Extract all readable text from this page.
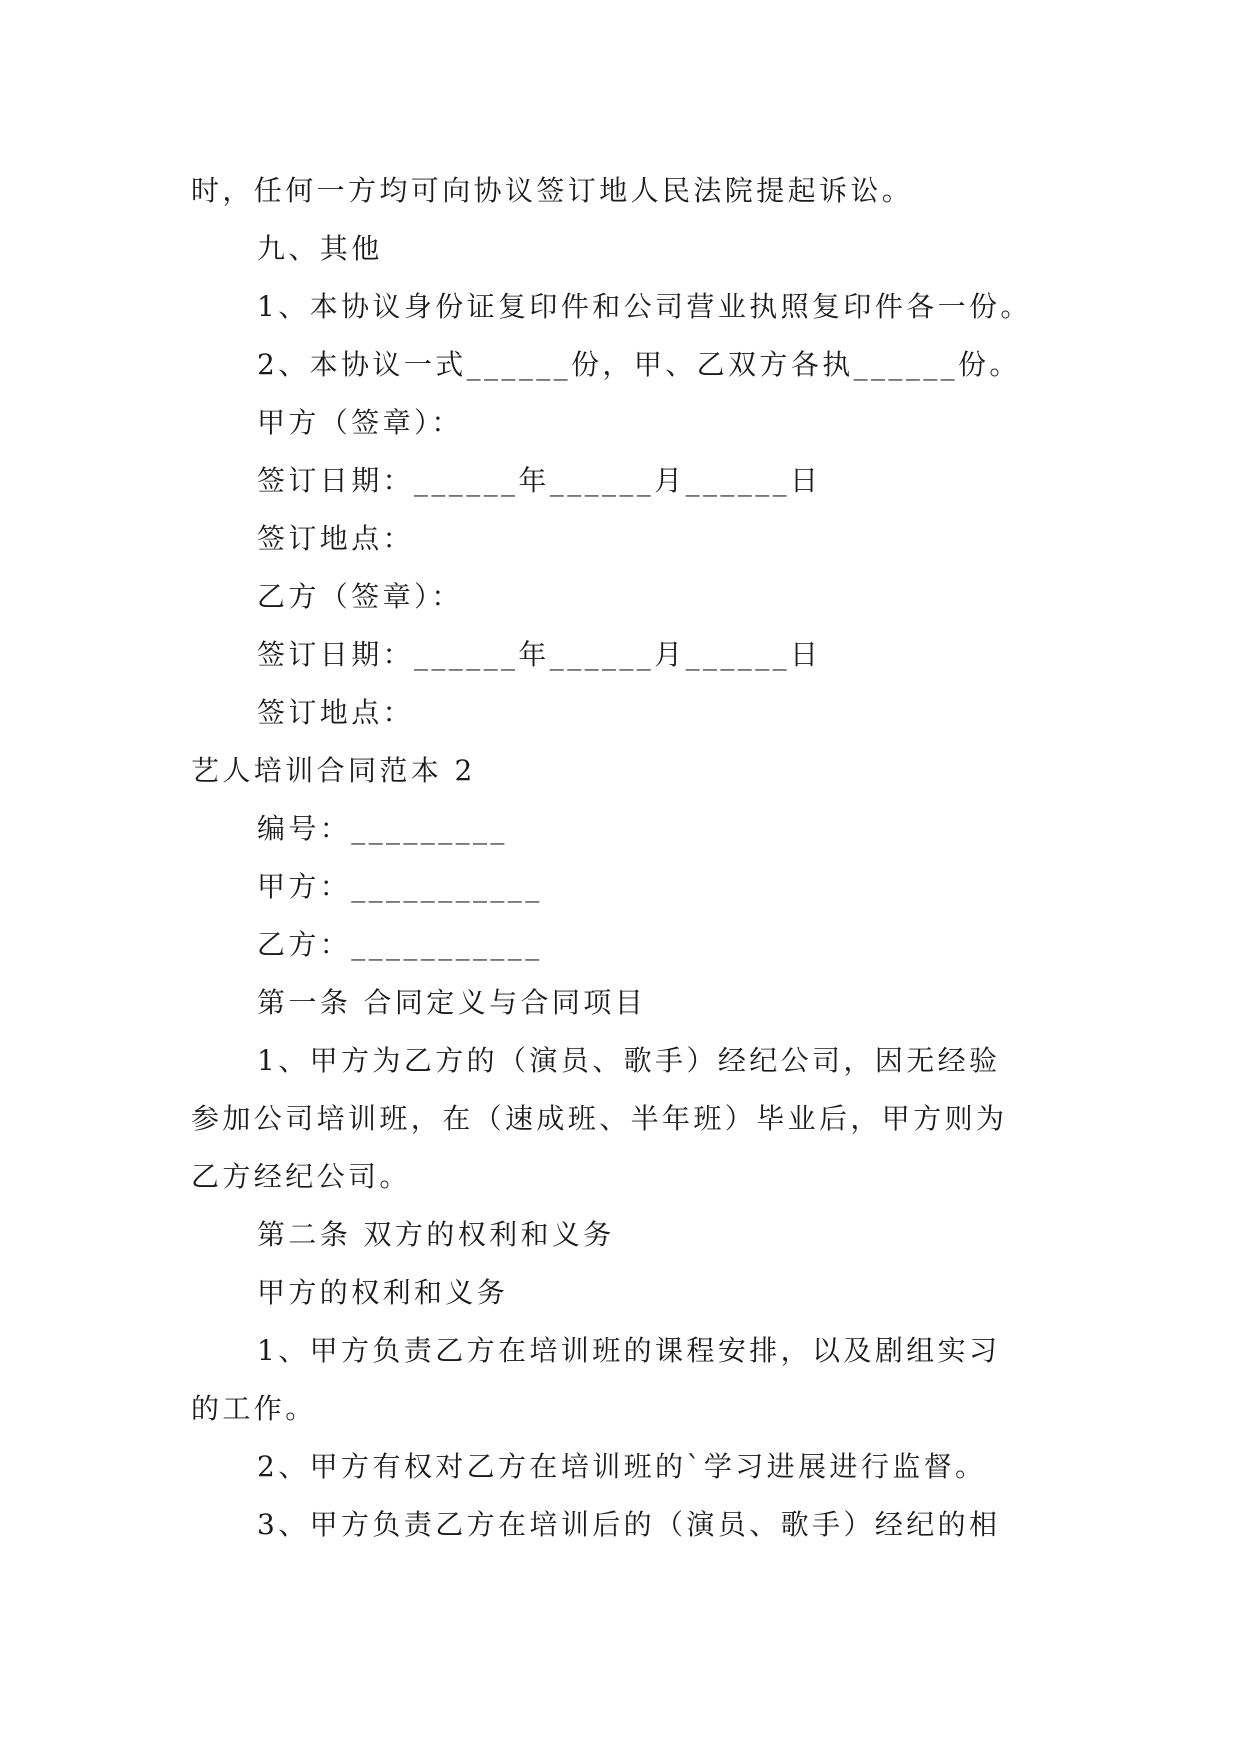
时，任何一方均可向协议签订地人民法院提起诉讼。
九、其他
1、本协议身份证复印件和公司营业执照复印件各一份。
2、本协议一式______份，甲、乙双方各执______份。
甲方（签章）：
签订日期：______年______月______日
签订地点：
乙方（签章）：
签订日期：______年______月______日
签订地点：
艺人培训合同范本 2
编号：_________
甲方：___________
乙方：___________
第一条 合同定义与合同项目
1、甲方为乙方的（演员、歌手）经纪公司，因无经验
参加公司培训班，在（速成班、半年班）毕业后，甲方则为
乙方经纪公司。
第二条 双方的权利和义务
甲方的权利和义务
1、甲方负责乙方在培训班的课程安排，以及剧组实习
的工作。
2、甲方有权对乙方在培训班的`学习进展进行监督。
3、甲方负责乙方在培训后的（演员、歌手）经纪的相
